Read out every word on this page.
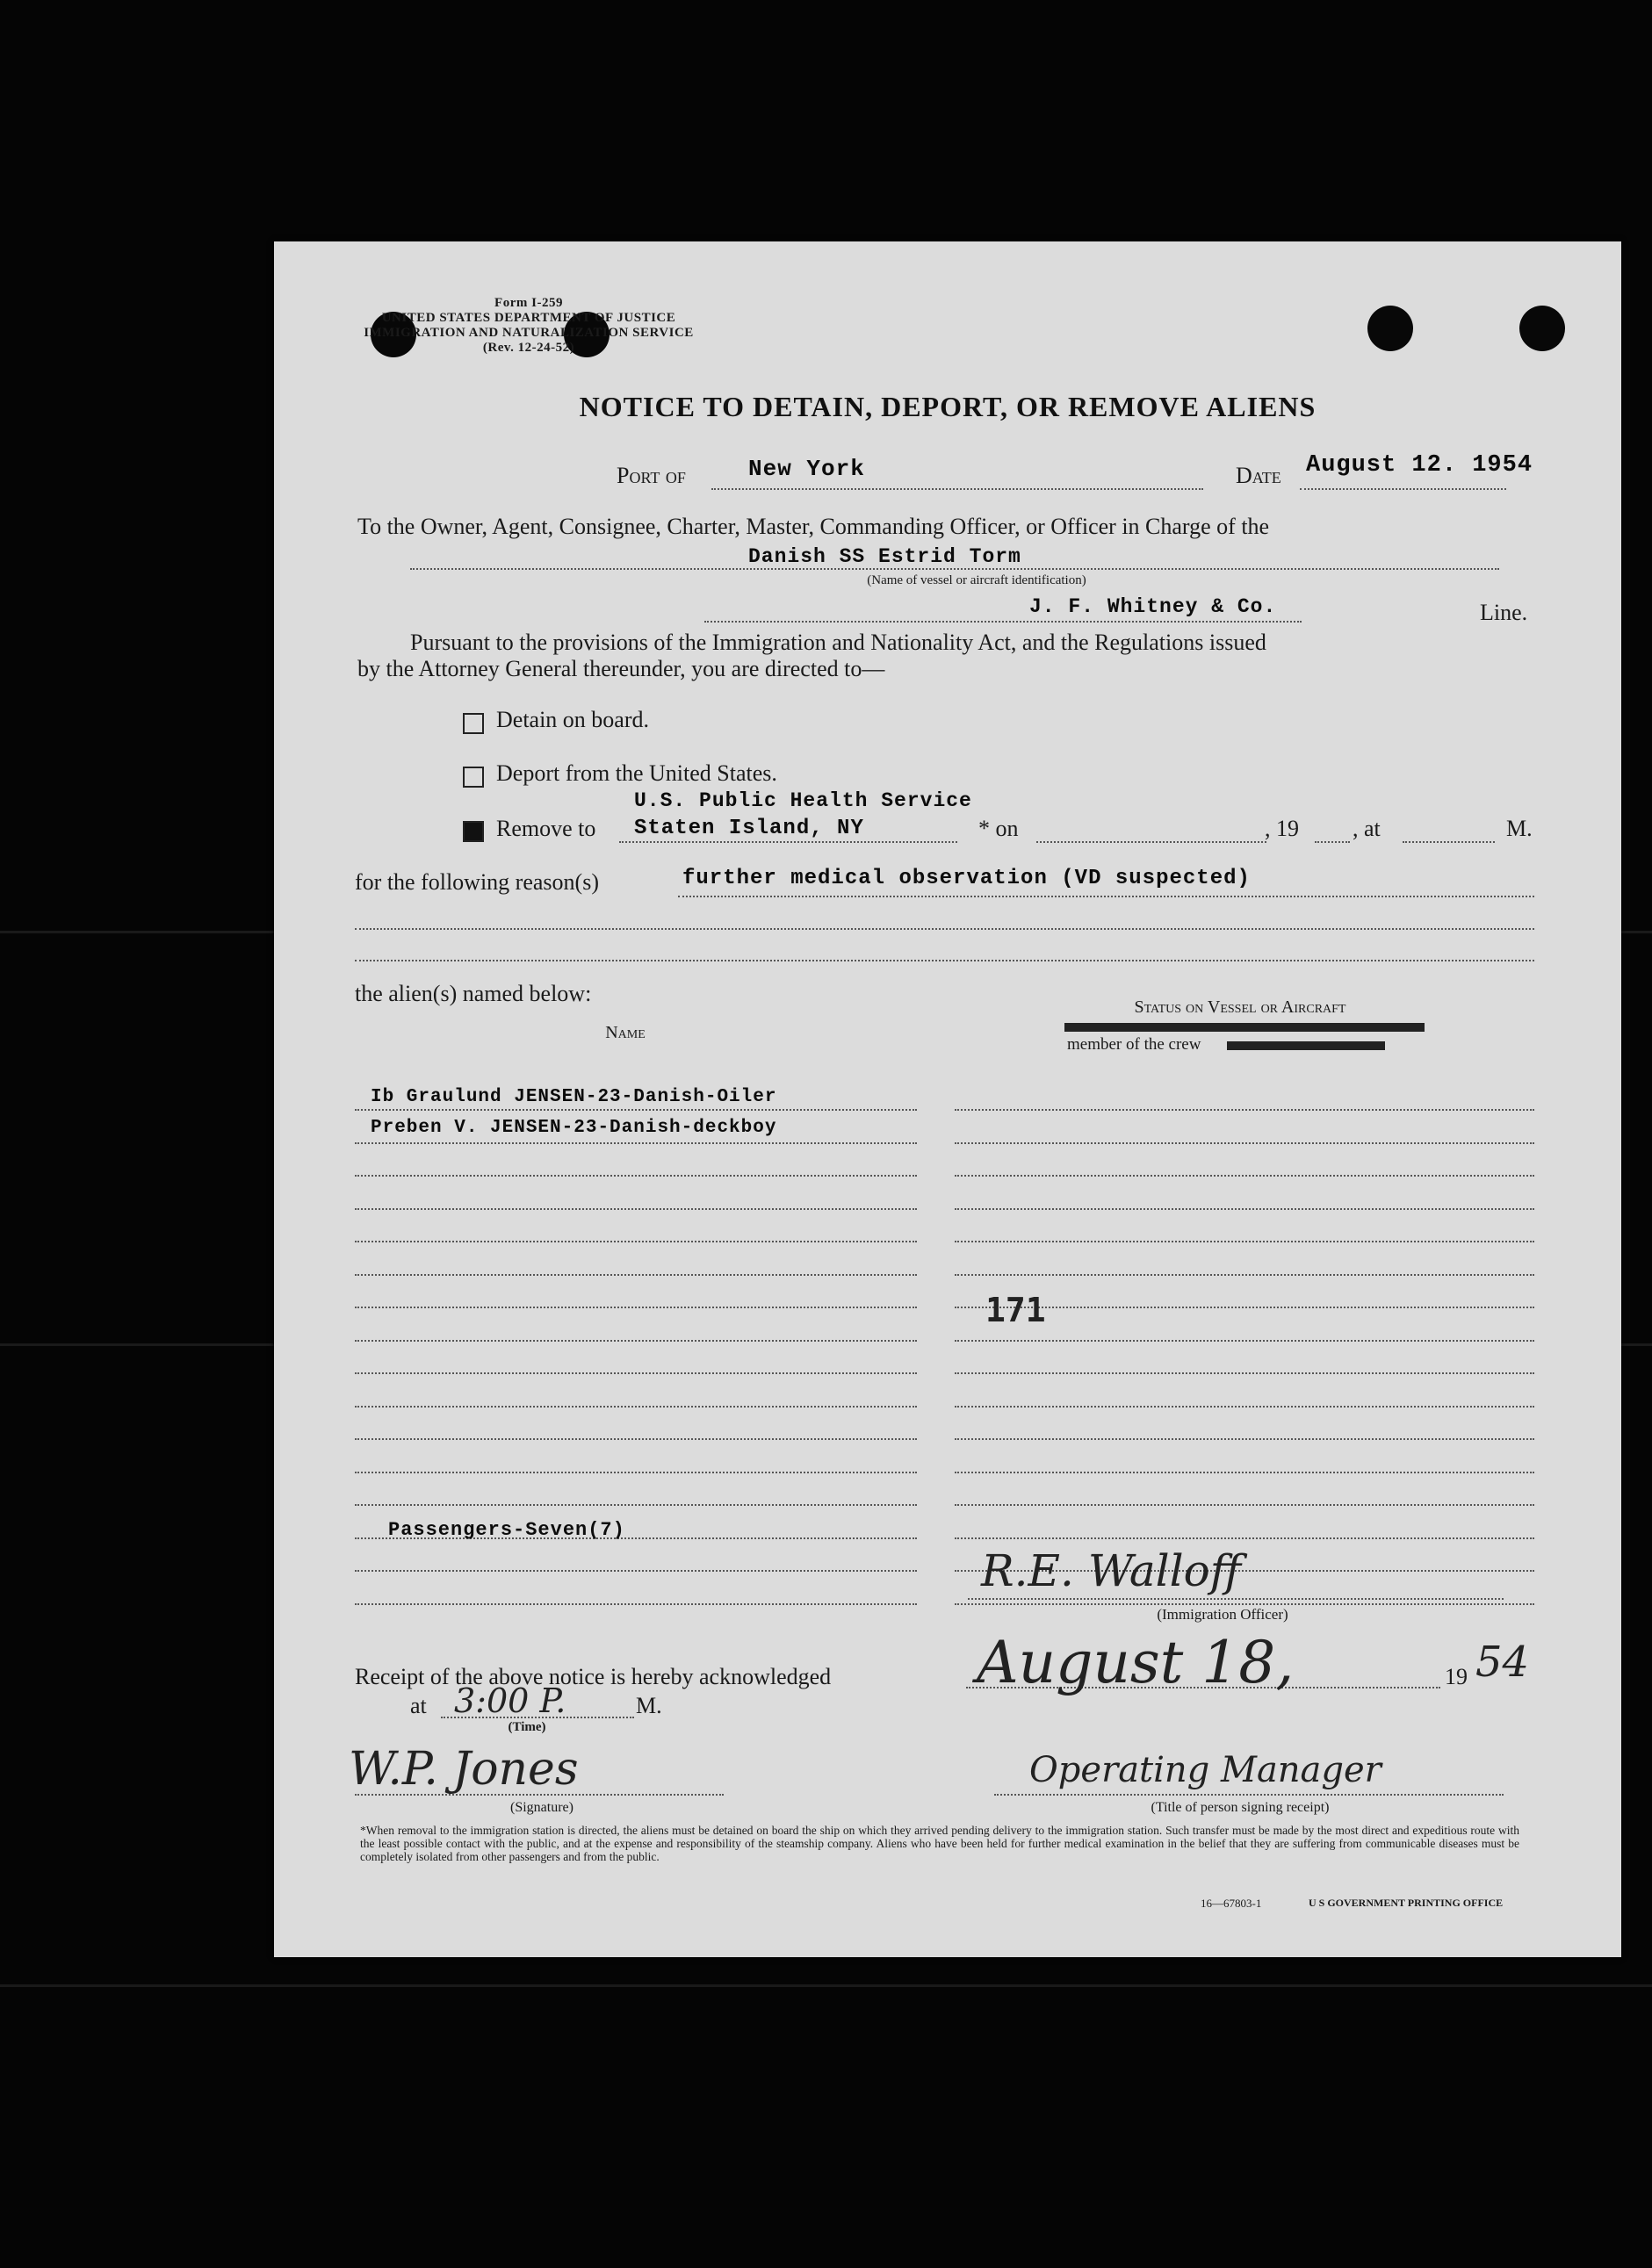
Form I-259
UNITED STATES DEPARTMENT OF JUSTICE
IMMIGRATION AND NATURALIZATION SERVICE
(Rev. 12-24-52)
NOTICE TO DETAIN, DEPORT, OR REMOVE ALIENS
Port of	New York	Date August 12. 1954
To the Owner, Agent, Consignee, Charter, Master, Commanding Officer, or Officer in Charge of the
Danish SS Estrid Torm
(Name of vessel or aircraft identification)
J. F. Whitney & Co.	Line.
Pursuant to the provisions of the Immigration and Nationality Act, and the Regulations issued
by the Attorney General thereunder, you are directed to—
Detain on board.
Deport from the United States.
U.S. Public Health Service
Remove to Staten Island, NY	* on	, 19 , at	M.
for the following reason(s)	further medical observation (VD suspected)
the alien(s) named below:
Name
Status on Vessel or Aircraft
member of the crew
Ib Graulund JENSEN-23-Danish-Oiler
Preben V. JENSEN-23-Danish-deckboy
171
Passengers-Seven(7)
R.E. Walloff
(Immigration Officer)
Receipt of the above notice is hereby acknowledged	August 18,	19 54
at 3:00 P.	M.
(Time)
W.P. Jones
(Signature)
Operating Manager
(Title of person signing receipt)
*When removal to the immigration station is directed, the aliens must be detained on board the ship on which they arrived pending delivery to the immigration station. Such transfer must be made by the most direct and expeditious route with the least possible contact with the public, and at the expense and responsibility of the steamship company. Aliens who have been held for further medical examination in the belief that they are suffering from communicable diseases must be completely isolated from other passengers and from the public.
16—67803-1	U S GOVERNMENT PRINTING OFFICE
